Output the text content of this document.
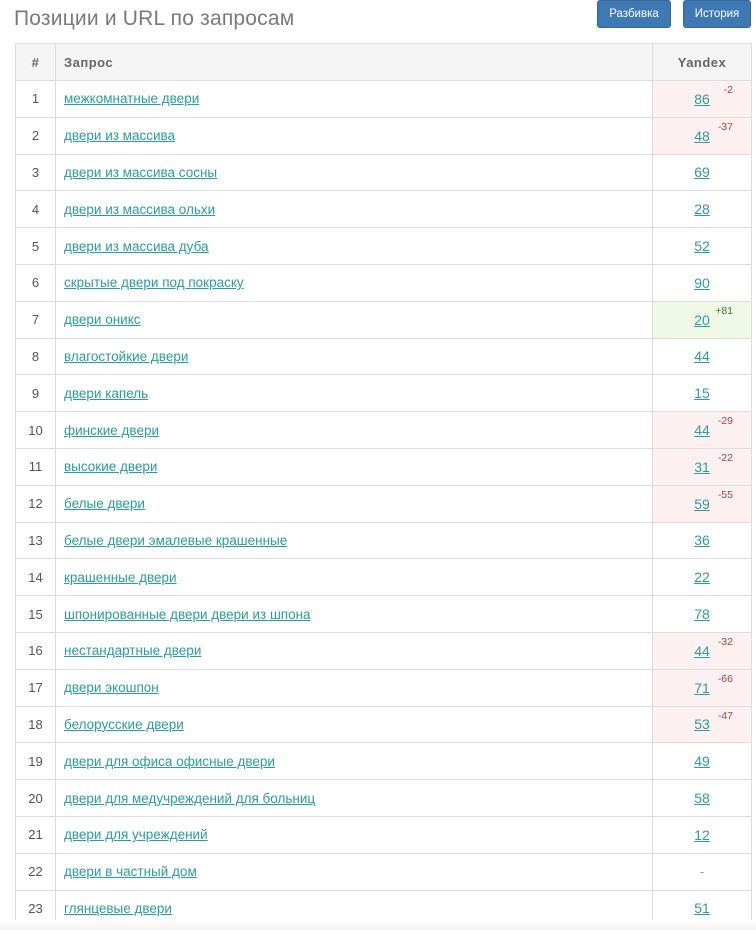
Позиции и URL по запросам	Разбивка	История
#	Запрос	Yandex
1	межкомнатные двери	86
-2

2	двери из массива	48
-37

3	двери из массива сосны	69
4	двери из массива ольхи	28
5	двери из массива дуба	52
6	скрытые двери под покраску	90
7	двери оникс	20
+81

8	влагостойкие двери	44
9	двери капель	15
10	финские двери	44
-29

11	высокие двери	31
-22

12	белые двери	59
-55

13	белые двери эмалевые крашенные	36
14	крашенные двери	22
15	шпонированные двери двери из шпона	78
16	нестандартные двери	44
-32

17	двери экошпон	71
-66

18	белорусские двери	53
-47

19	двери для офиса офисные двери	49
20	двери для медучреждений для больниц	58
21	двери для учреждений	12
22	двери в частный дом	-
23	глянцевые двери	51
